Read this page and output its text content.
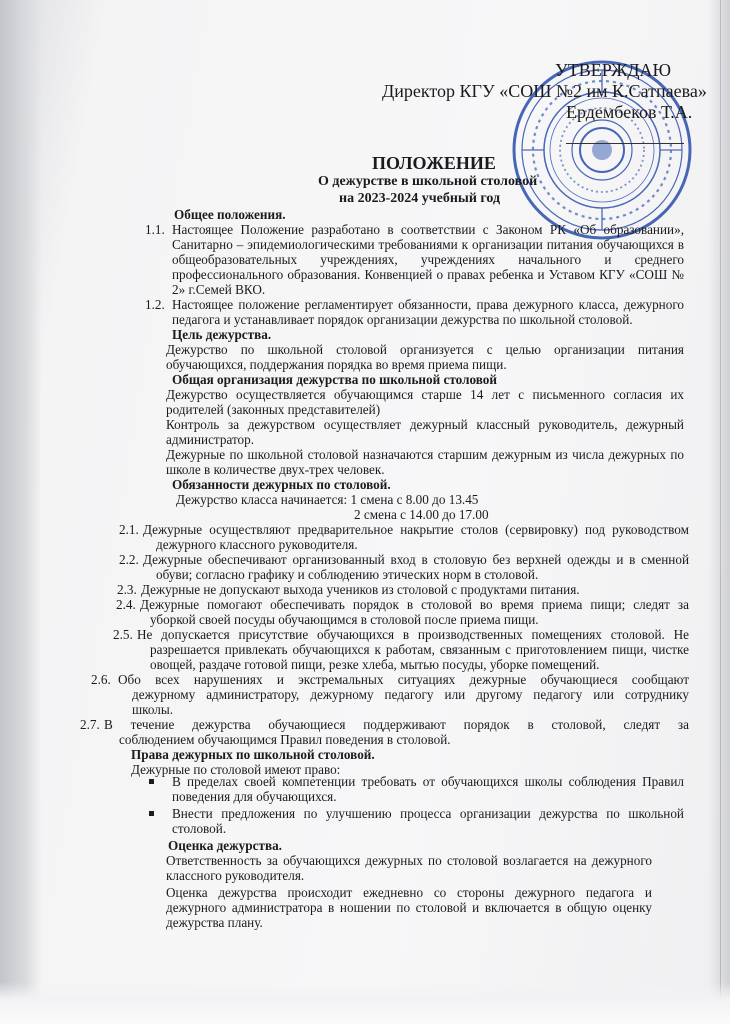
УТВЕРЖДАЮ
Директор КГУ «СОШ №2 им К.Сатпаева»
Ердембеков Т.А.
ПОЛОЖЕНИЕ
О дежурстве в школьной столовой
на 2023-2024 учебный год
Общее положения.
1.1. Настоящее Положение разработано в соответствии с Законом РК «Об образовании»,
Санитарно – эпидемиологическими требованиями к организации питания обучающихся в
общеобразовательных учреждениях, учреждениях начального и среднего
профессионального образования. Конвенцией о правах ребенка и Уставом КГУ «СОШ №
2» г.Семей ВКО.
1.2. Настоящее положение регламентирует обязанности, права дежурного класса, дежурного
педагога и устанавливает порядок организации дежурства по школьной столовой.
Цель дежурства.
Дежурство по школьной столовой организуется с целью организации питания
обучающихся, поддержания порядка во время приема пищи.
Общая организация дежурства по школьной столовой
Дежурство осуществляется обучающимся старше 14 лет с письменного согласия их
родителей (законных представителей)
Контроль за дежурством осуществляет дежурный классный руководитель, дежурный
администратор.
Дежурные по школьной столовой назначаются старшим дежурным из числа дежурных по
школе в количестве двух-трех человек.
Обязанности дежурных по столовой.
Дежурство класса начинается: 1 смена с 8.00 до 13.45
2 смена с 14.00 до 17.00
2.1. Дежурные осуществляют предварительное накрытие столов (сервировку) под руководством
дежурного классного руководителя.
2.2. Дежурные обеспечивают организованный вход в столовую без верхней одежды и в сменной
обуви; согласно графику и соблюдению этических норм в столовой.
2.3. Дежурные не допускают выхода учеников из столовой с продуктами питания.
2.4. Дежурные помогают обеспечивать порядок в столовой во время приема пищи; следят за
уборкой своей посуды обучающимся в столовой после приема пищи.
2.5. Не допускается присутствие обучающихся в производственных помещениях столовой. Не
разрешается привлекать обучающихся к работам, связанным с приготовлением пищи, чистке
овощей, раздаче готовой пищи, резке хлеба, мытью посуды, уборке помещений.
2.6. Обо всех нарушениях и экстремальных ситуациях дежурные обучающиеся сообщают
дежурному администратору, дежурному педагогу или другому педагогу или сотруднику
школы.
2.7. В течение дежурства обучающиеся поддерживают порядок в столовой, следят за
соблюдением обучающимся Правил поведения в столовой.
Права дежурных по школьной столовой.
Дежурные по столовой имеют право:
В пределах своей компетенции требовать от обучающихся школы соблюдения Правил
поведения для обучающихся.
Внести предложения по улучшению процесса организации дежурства по школьной
столовой.
Оценка дежурства.
Ответственность за обучающихся дежурных по столовой возлагается на дежурного
классного руководителя.
Оценка дежурства происходит ежедневно со стороны дежурного педагога и
дежурного администратора в ношении по столовой и включается в общую оценку
дежурства плану.
